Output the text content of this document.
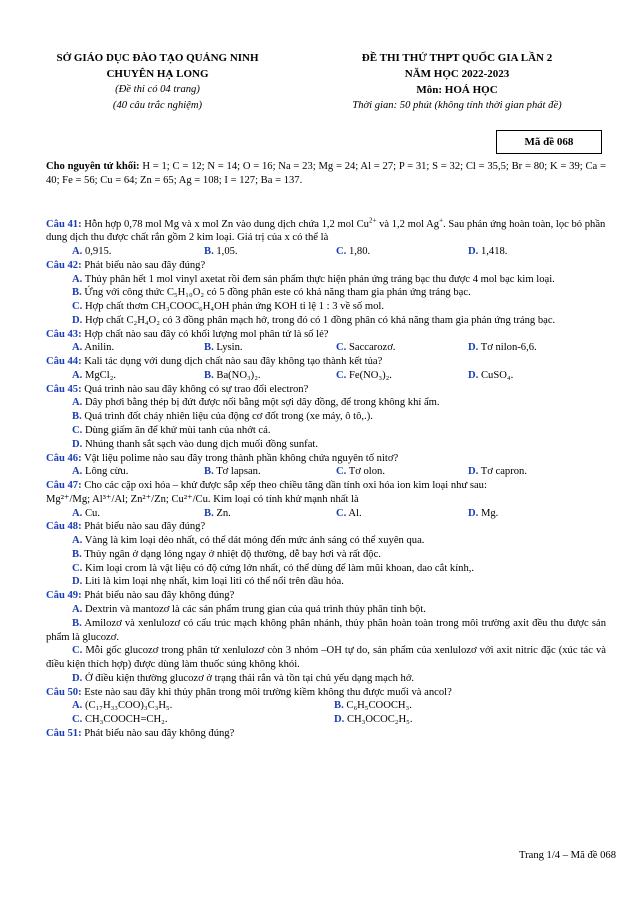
SỞ GIÁO DỤC ĐÀO TẠO QUẢNG NINH
CHUYÊN HẠ LONG
(Đề thi có 04 trang)
(40 câu trắc nghiệm)
ĐỀ THI THỬ THPT QUỐC GIA LẦN 2
NĂM HỌC 2022-2023
Môn: HOÁ HỌC
Thời gian: 50 phút (không tính thời gian phát đề)
Mã đề 068

Cho nguyên tử khối: H = 1; C = 12; N = 14; O = 16; Na = 23; Mg = 24; Al = 27; P = 31; S = 32; Cl = 35,5; Br = 80; K = 39; Ca = 40; Fe = 56; Cu = 64; Zn = 65; Ag = 108; I = 127; Ba = 137.

Câu 41: Hỗn hợp 0,78 mol Mg và x mol Zn vào dung dịch chứa 1,2 mol $Cu^{2+}$ và 1,2 mol Ag+. Sau phản ứng hoàn toàn, lọc bỏ phần dung dịch thu được chất rắn gồm 2 kim loại. Giá trị của x có thể là

A. 0,915.	B. 1,05.	C. 1,80.	D. 1,418.

Câu 42: Phát biểu nào sau đây đúng?

A. Thủy phân hết 1 mol vinyl axetat rồi đem sản phẩm thực hiện phản ứng tráng bạc thu được 4 mol bạc kim loại.

B. Ứng với công thức C₅H₁₀O₂ có 5 đồng phân este có khả năng tham gia phản ứng tráng bạc.

C. Hợp chất thơm CH₃COOC₆H₄OH phản ứng KOH tỉ lệ 1 : 3 về số mol.

D. Hợp chất C₂H₄O₂ có 3 đồng phân mạch hở, trong đó có 1 đồng phân có khả năng tham gia phản ứng tráng bạc.

Câu 43: Hợp chất nào sau đây có khối lượng mol phân tử là số lẻ?

A. Anilin.	B. Lysin.	C. Saccarozơ.	D. Tơ nilon-6,6.

Câu 44: Kali tác dụng với dung dịch chất nào sau đây không tạo thành kết tủa?

A. MgCl₂.	B. Ba(NO₃)₂.	C. Fe(NO₃)₂.	D. CuSO₄.

Câu 45: Quá trình nào sau đây không có sự trao đổi electron?

A. Dây phơi bằng thép bị đứt được nối bằng một sợi dây đồng, để trong không khí ẩm.

B. Quá trình đốt cháy nhiên liệu của động cơ đốt trong (xe máy, ô tô,.).

C. Dùng giấm ăn để khử mùi tanh của nhớt cá.

D. Nhúng thanh sắt sạch vào dung dịch muối đồng sunfat.

Câu 46: Vật liệu polime nào sau đây trong thành phần không chứa nguyên tố nitơ?

A. Lông cừu.	B. Tơ lapsan.	C. Tơ olon.	D. Tơ capron.

Câu 47: Cho các cặp oxi hóa – khử được sắp xếp theo chiều tăng dần tính oxi hóa ion kim loại như sau:

Mg²⁺/Mg; Al³⁺/Al; Zn²⁺/Zn; Cu²⁺/Cu. Kim loại có tính khử mạnh nhất là

A. Cu.	B. Zn.	C. Al.	D. Mg.

Câu 48: Phát biểu nào sau đây đúng?

A. Vàng là kim loại dẻo nhất, có thể dát mỏng đến mức ánh sáng có thể xuyên qua.

B. Thủy ngân ở dạng lỏng ngay ở nhiệt độ thường, dễ bay hơi và rất độc.

C. Kim loại crom là vật liệu có độ cứng lớn nhất, có thể dùng để làm mũi khoan, dao cắt kính,.

D. Liti là kim loại nhẹ nhất, kim loại liti có thể nổi trên dầu hỏa.

Câu 49: Phát biểu nào sau đây không đúng?

A. Dextrin và mantozơ là các sản phẩm trung gian của quá trình thủy phân tinh bột.

B. Amilozơ và xenlulozơ có cấu trúc mạch không phân nhánh, thủy phân hoàn toàn trong môi trường axit đều thu được sản phẩm là glucozơ.

C. Mỗi gốc glucozơ trong phân tử xenlulozơ còn 3 nhóm –OH tự do, sản phẩm của xenlulozơ với axit nitric đặc (xúc tác và điều kiện thích hợp) được dùng làm thuốc súng không khói.

D. Ở điều kiện thường glucozơ ở trạng thái rắn và tồn tại chủ yếu dạng mạch hở.

Câu 50: Este nào sau đây khi thủy phân trong môi trường kiềm không thu được muối và ancol?

A. (C₁₇H₃₃COO)₃C₃H₅.	B. C₆H₅COOCH₃.
C. CH₃COOCH=CH₂.	D. CH₃OCOC₂H₅.

Câu 51: Phát biểu nào sau đây không đúng?

Trang 1/4 – Mã đề 068
